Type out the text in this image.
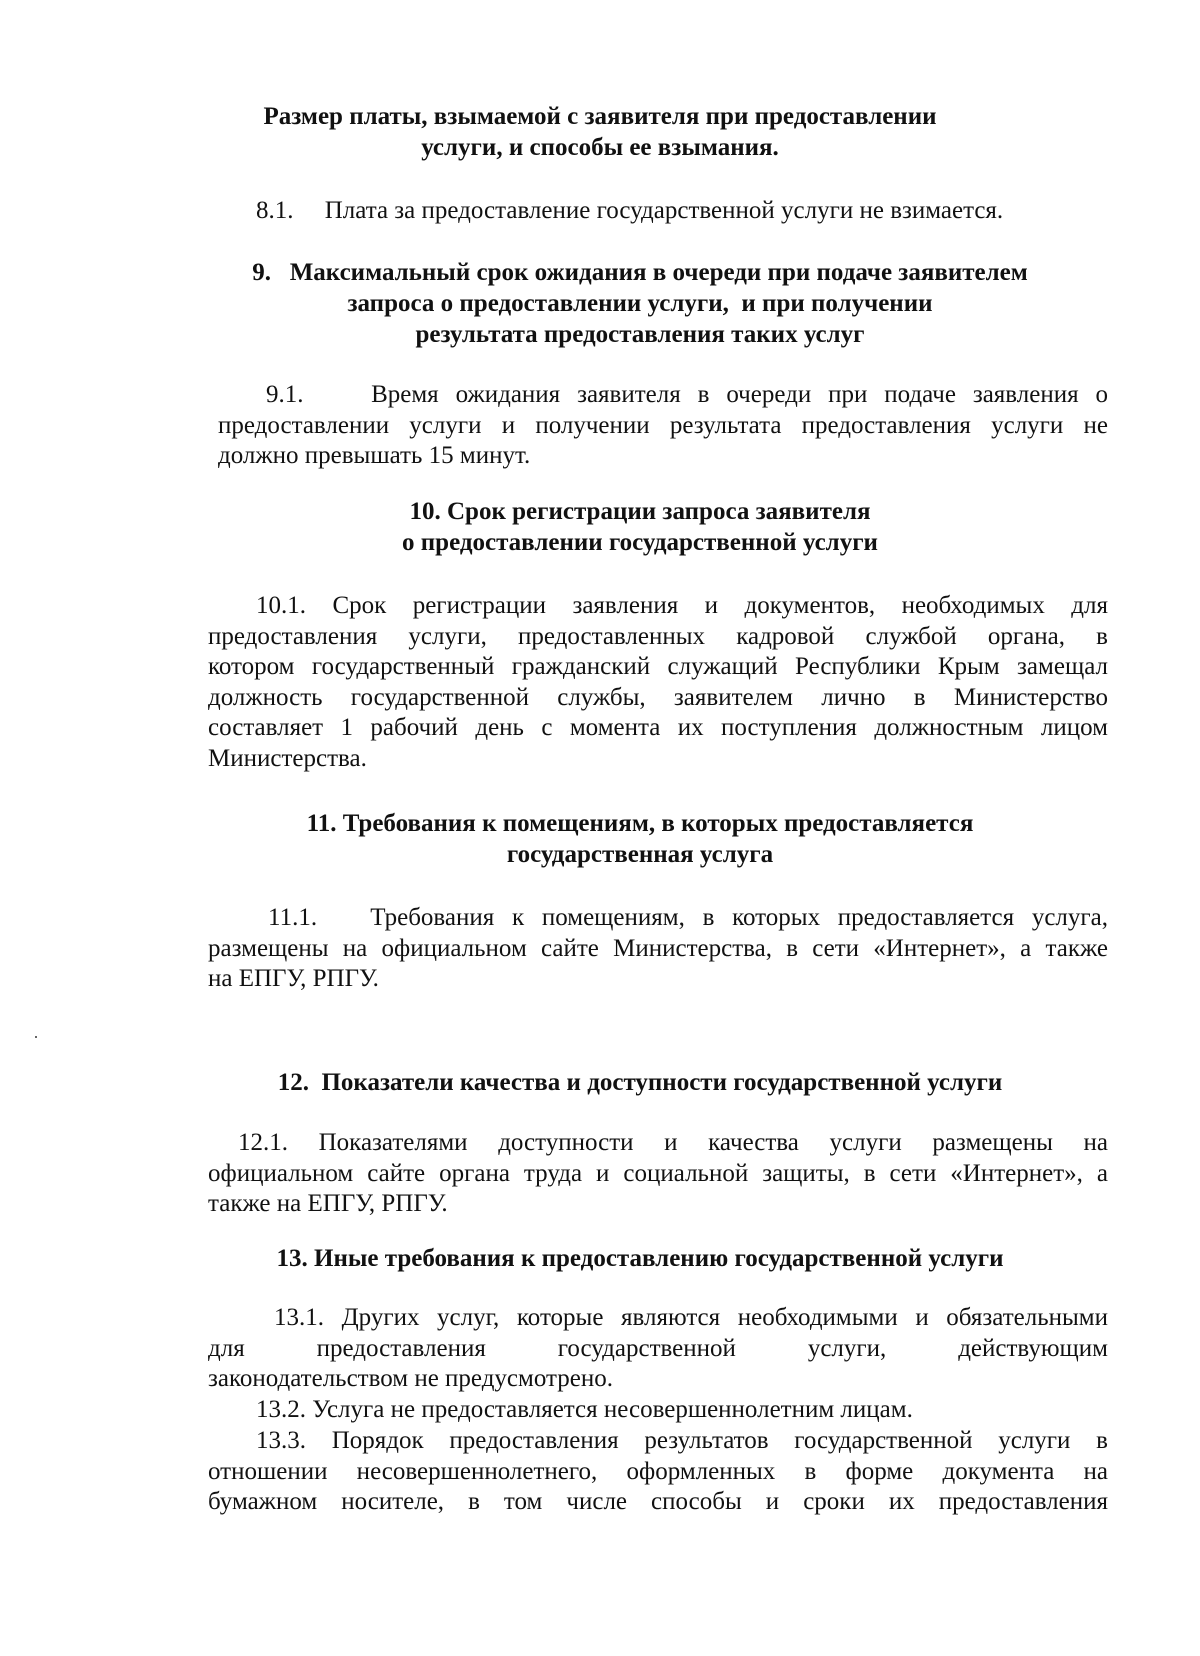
Размер платы, взымаемой с заявителя при предоставлении
услуги, и способы ее взымания.
8.1.     Плата за предоставление государственной услуги не взимается.
9.   Максимальный срок ожидания в очереди при подаче заявителем
запроса о предоставлении услуги,  и при получении
результата предоставления таких услуг
9.1.    Время ожидания заявителя в очереди при подаче заявления о
предоставлении услуги и получении результата предоставления услуги не
должно превышать 15 минут.
10. Срок регистрации запроса заявителя
о предоставлении государственной услуги
10.1. Срок регистрации заявления и документов, необходимых для
предоставления услуги, предоставленных кадровой службой органа, в
котором государственный гражданский служащий Республики Крым замещал
должность государственной службы, заявителем лично в Министерство
составляет 1 рабочий день с момента их поступления должностным лицом
Министерства.
11. Требования к помещениям, в которых предоставляется
государственная услуга
11.1.   Требования к помещениям, в которых предоставляется услуга,
размещены на официальном сайте Министерства, в сети «Интернет», а также
на ЕПГУ, РПГУ.
12.  Показатели качества и доступности государственной услуги
12.1. Показателями доступности и качества услуги размещены на
официальном сайте органа труда и социальной защиты, в сети «Интернет», а
также на ЕПГУ, РПГУ.
13. Иные требования к предоставлению государственной услуги
13.1. Других услуг, которые являются необходимыми и обязательными
для предоставления государственной услуги, действующим
законодательством не предусмотрено.
13.2. Услуга не предоставляется несовершеннолетним лицам.
13.3. Порядок предоставления результатов государственной услуги в
отношении несовершеннолетнего, оформленных в форме документа на
бумажном носителе, в том числе способы и сроки их предоставления
